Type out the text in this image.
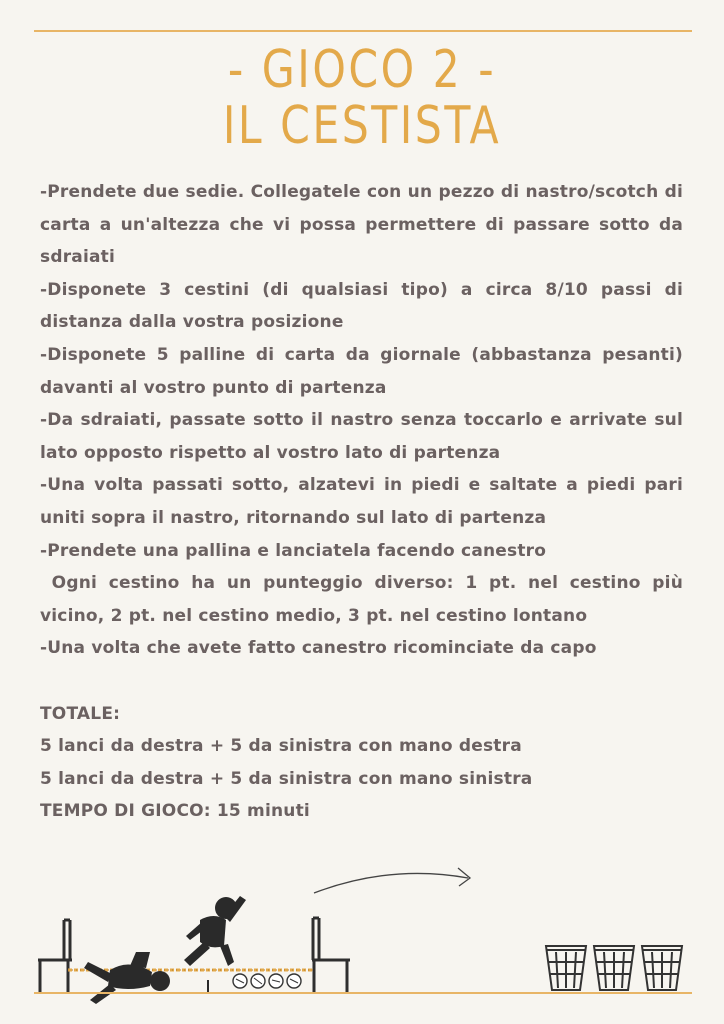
- GIOCO 2 -
IL CESTISTA

-Prendete due sedie. Collegatele con un pezzo di nastro/scotch di carta a un'altezza che vi possa permettere di passare sotto da sdraiati

-Disponete 3 cestini (di qualsiasi tipo) a circa 8/10 passi di distanza dalla vostra posizione

-Disponete 5 palline di carta da giornale (abbastanza pesanti) davanti al vostro punto di partenza

-Da sdraiati, passate sotto il nastro senza toccarlo e arrivate sul lato opposto rispetto al vostro lato di partenza

-Una volta passati sotto, alzatevi in piedi e saltate a piedi pari uniti sopra il nastro, ritornando sul lato di partenza

-Prendete una pallina e lanciatela facendo canestro

Ogni cestino ha un punteggio diverso: 1 pt. nel cestino più vicino, 2 pt. nel cestino medio, 3 pt. nel cestino lontano

-Una volta che avete fatto canestro ricominciate da capo

TOTALE:

5 lanci da destra + 5 da sinistra con mano destra

5 lanci da destra + 5 da sinistra con mano sinistra

TEMPO DI GIOCO: 15 minuti
